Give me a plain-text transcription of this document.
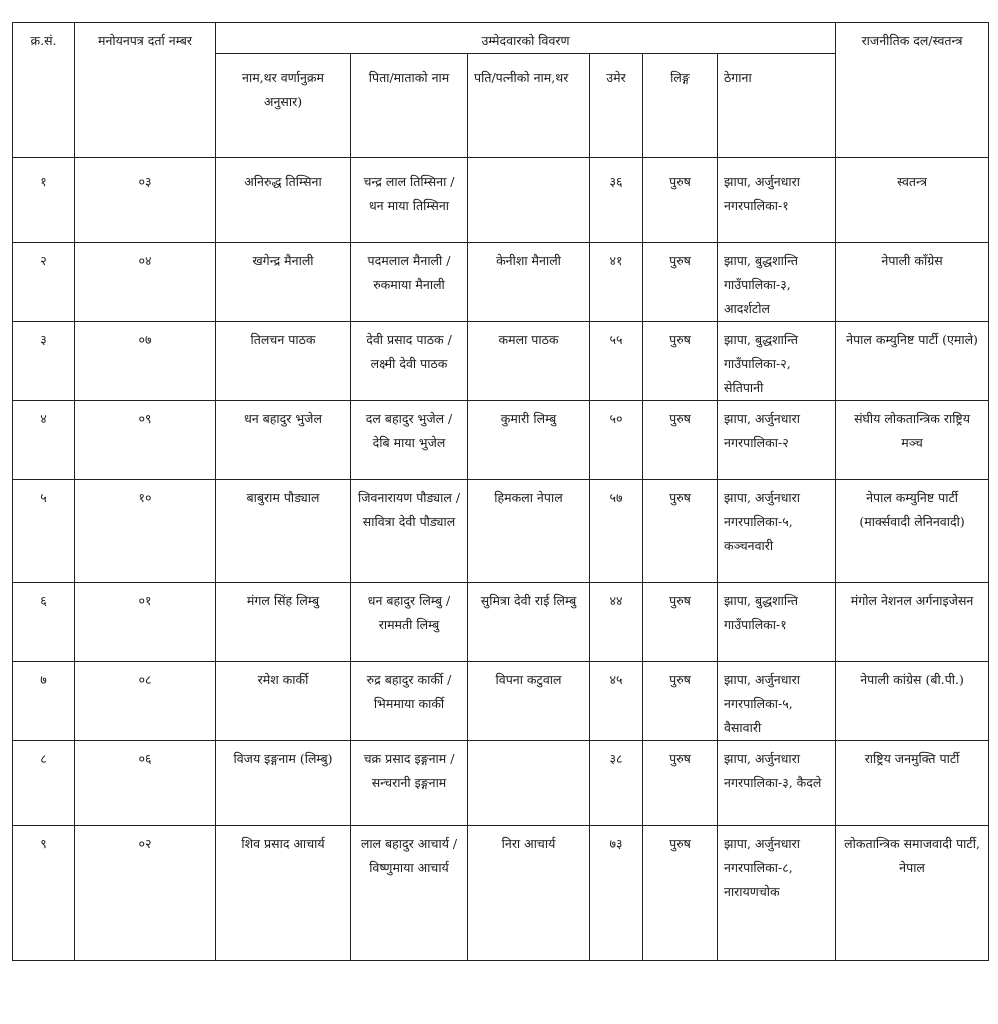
क्र.सं.	मनोयनपत्र दर्ता नम्बर	उम्मेदवारको विवरण						राजनीतिक दल/स्वतन्त्र
		नाम,थर वर्णानुक्रम अनुसार)	पिता/माताको नाम	पति/पत्नीको नाम,थर	उमेर	लिङ्ग	ठेगाना	
१	०३	अनिरुद्ध तिम्सिना	चन्द्र लाल तिम्सिना / धन माया तिम्सिना		३६	पुरुष	झापा, अर्जुनधारा नगरपालिका-१	स्वतन्त्र
२	०४	खगेन्द्र मैनाली	पदमलाल मैनाली / रुकमाया मैनाली	केनीशा मैनाली	४१	पुरुष	झापा, बुद्धशान्ति गाउँपालिका-३, आदर्शटोल	नेपाली काँग्रेस
३	०७	तिलचन पाठक	देवी प्रसाद पाठक / लक्ष्मी देवी पाठक	कमला पाठक	५५	पुरुष	झापा, बुद्धशान्ति गाउँपालिका-२, सेतिपानी	नेपाल कम्युनिष्ट पार्टी (एमाले)
४	०९	धन बहादुर भुजेल	दल बहादुर भुजेल / देबि माया भुजेल	कुमारी लिम्बु	५०	पुरुष	झापा, अर्जुनधारा नगरपालिका-२	संघीय लोकतान्त्रिक राष्ट्रिय मञ्च
५	१०	बाबुराम पौड्याल	जिवनारायण पौड्याल / सावित्रा देवी पौड्याल	हिमकला नेपाल	५७	पुरुष	झापा, अर्जुनधारा नगरपालिका-५, कञ्चनवारी	नेपाल कम्युनिष्ट पार्टी (मार्क्सवादी लेनिनवादी)
६	०१	मंगल सिंह लिम्बु	धन बहादुर लिम्बु / राममती लिम्बु	सुमित्रा देवी राई लिम्बु	४४	पुरुष	झापा, बुद्धशान्ति गाउँपालिका-१	मंगोल नेशनल अर्गनाइजेसन
७	०८	रमेश कार्की	रुद्र बहादुर कार्की / भिममाया कार्की	विपना कटुवाल	४५	पुरुष	झापा, अर्जुनधारा नगरपालिका-५, वैसावारी	नेपाली कांग्रेस (बी.पी.)
८	०६	विजय इङ्गनाम (लिम्बु)	चक्र प्रसाद इङ्गनाम / सन्चरानी इङ्गनाम		३८	पुरुष	झापा, अर्जुनधारा नगरपालिका-३, कैदले	राष्ट्रिय जनमुक्ति पार्टी
९	०२	शिव प्रसाद आचार्य	लाल बहादुर आचार्य / विष्णुमाया आचार्य	निरा आचार्य	७३	पुरुष	झापा, अर्जुनधारा नगरपालिका-८, नारायणचोक	लोकतान्त्रिक समाजवादी पार्टी, नेपाल
